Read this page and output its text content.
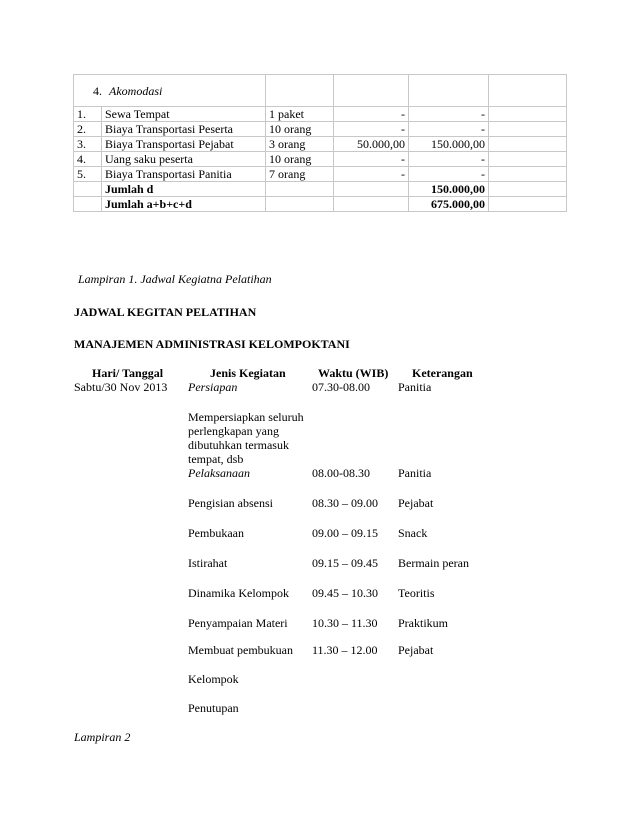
4. Akomodasi					
1.	Sewa Tempat	1 paket	-	-	
2.	Biaya Transportasi Peserta	10 orang	-	-	
3.	Biaya Transportasi Pejabat	3 orang	50.000,00	150.000,00	
4.	Uang saku peserta	10 orang	-	-	
5.	Biaya Transportasi Panitia	7 orang	-	-	
	Jumlah d			150.000,00	
	Jumlah a+b+c+d			675.000,00	
Lampiran 1. Jadwal Kegiatna Pelatihan
JADWAL KEGITAN PELATIHAN
MANAJEMEN ADMINISTRASI KELOMPOKTANI
Hari/ Tanggal	Jenis Kegiatan	Waktu (WIB) Keterangan
Sabtu/30 Nov 2013 Persiapan	07.30-08.00 Panitia
Mempersiapkan seluruh
perlengkapan yang
dibutuhkan termasuk
tempat, dsb
Pelaksanaan	08.00-08.30 Panitia
Pengisian absensi	08.30 – 09.00 Pejabat
Pembukaan	09.00 – 09.15 Snack
Istirahat	09.15 – 09.45 Bermain peran
Dinamika Kelompok 09.45 – 10.30 Teoritis
Penyampaian Materi 10.30 – 11.30 Praktikum
Membuat pembukuan 11.30 – 12.00 Pejabat
Kelompok
Penutupan
Lampiran 2
